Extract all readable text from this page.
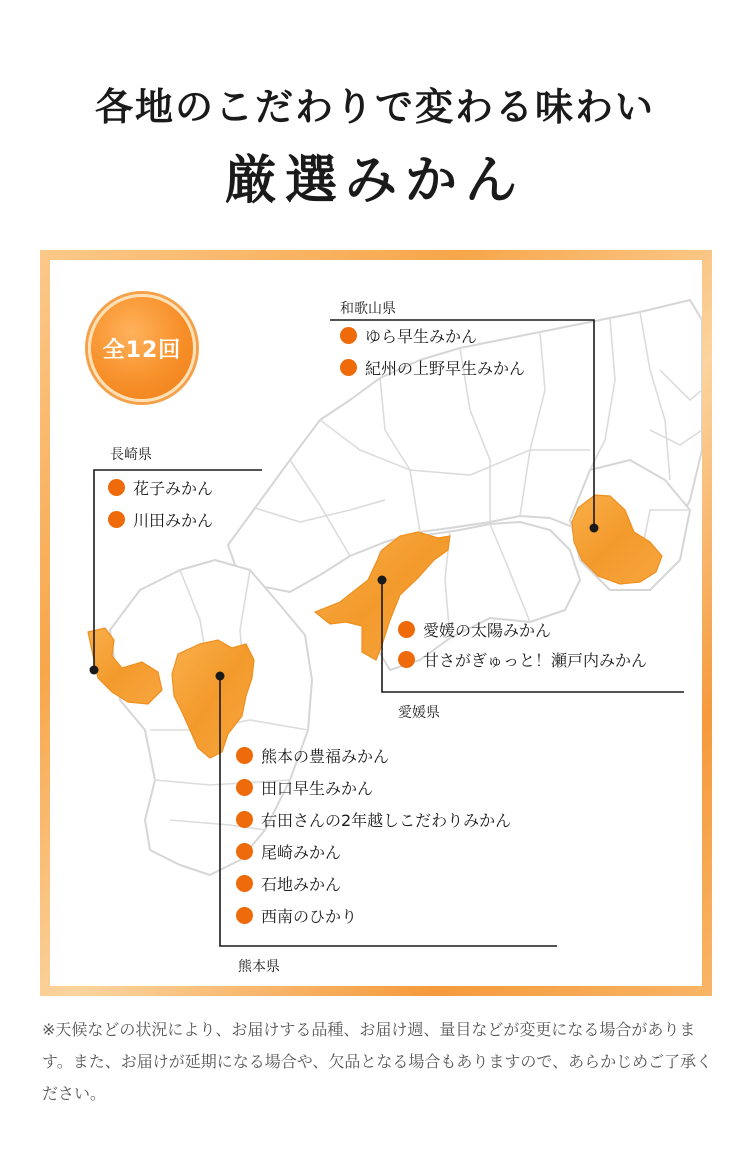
各地のこだわりで変わる味わい
厳選みかん
全12回
和歌山県
ゆら早生みかん
紀州の上野早生みかん
長崎県
花子みかん
川田みかん
愛媛の太陽みかん
甘さがぎゅっと！瀬戸内みかん
愛媛県
熊本の豊福みかん
田口早生みかん
右田さんの2年越しこだわりみかん
尾崎みかん
石地みかん
西南のひかり
熊本県
※天候などの状況により、お届けする品種、お届け週、量目などが変更になる場合があります。また、お届けが延期になる場合や、欠品となる場合もありますので、あらかじめご了承ください。
